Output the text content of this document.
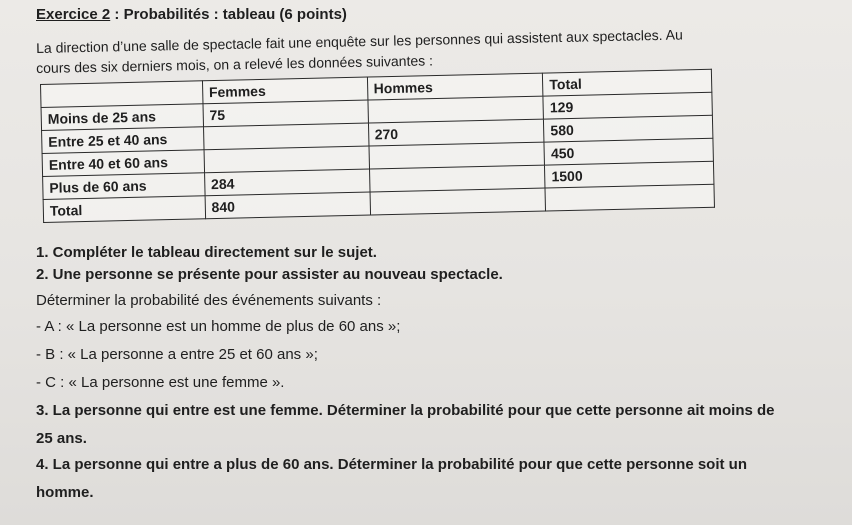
Exercice 2 : Probabilités : tableau (6 points)
La direction d’une salle de spectacle fait une enquête sur les personnes qui assistent aux spectacles. Au
cours des six derniers mois, on a relevé les données suivantes :
	Femmes	Hommes	Total
Moins de 25 ans	75		129
Entre 25 et 40 ans		270	580
Entre 40 et 60 ans			450
Plus de 60 ans	284		1500
Total	840		
1. Compléter le tableau directement sur le sujet.
2. Une personne se présente pour assister au nouveau spectacle.
Déterminer la probabilité des événements suivants :
- A : « La personne est un homme de plus de 60 ans »;
- B : « La personne a entre 25 et 60 ans »;
- C : « La personne est une femme ».
3. La personne qui entre est une femme. Déterminer la probabilité pour que cette personne ait moins de
25 ans.
4. La personne qui entre a plus de 60 ans. Déterminer la probabilité pour que cette personne soit un
homme.
